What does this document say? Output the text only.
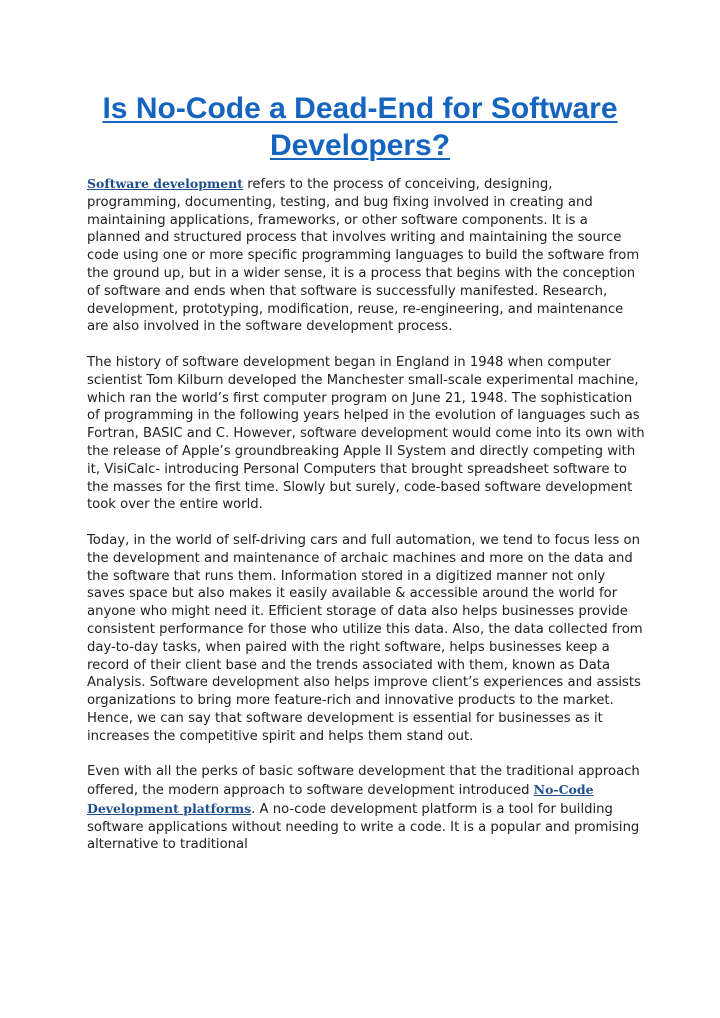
Is No-Code a Dead-End for Software Developers?

Software development refers to the process of conceiving, designing, programming, documenting, testing, and bug fixing involved in creating and maintaining applications, frameworks, or other software components. It is a planned and structured process that involves writing and maintaining the source code using one or more specific programming languages to build the software from the ground up, but in a wider sense, it is a process that begins with the conception of software and ends when that software is successfully manifested. Research, development, prototyping, modification, reuse, re-engineering, and maintenance are also involved in the software development process.

The history of software development began in England in 1948 when computer scientist Tom Kilburn developed the Manchester small-scale experimental machine, which ran the world’s first computer program on June 21, 1948. The sophistication of programming in the following years helped in the evolution of languages such as Fortran, BASIC and C. However, software development would come into its own with the release of Apple’s groundbreaking Apple II System and directly competing with it, VisiCalc- introducing Personal Computers that brought spreadsheet software to the masses for the first time. Slowly but surely, code-based software development took over the entire world.

Today, in the world of self-driving cars and full automation, we tend to focus less on the development and maintenance of archaic machines and more on the data and the software that runs them. Information stored in a digitized manner not only saves space but also makes it easily available & accessible around the world for anyone who might need it. Efficient storage of data also helps businesses provide consistent performance for those who utilize this data. Also, the data collected from day-to-day tasks, when paired with the right software, helps businesses keep a record of their client base and the trends associated with them, known as Data Analysis. Software development also helps improve client’s experiences and assists organizations to bring more feature-rich and innovative products to the market. Hence, we can say that software development is essential for businesses as it increases the competitive spirit and helps them stand out.

Even with all the perks of basic software development that the traditional approach offered, the modern approach to software development introduced No-Code Development platforms. A no-code development platform is a tool for building software applications without needing to write a code. It is a popular and promising alternative to traditional
